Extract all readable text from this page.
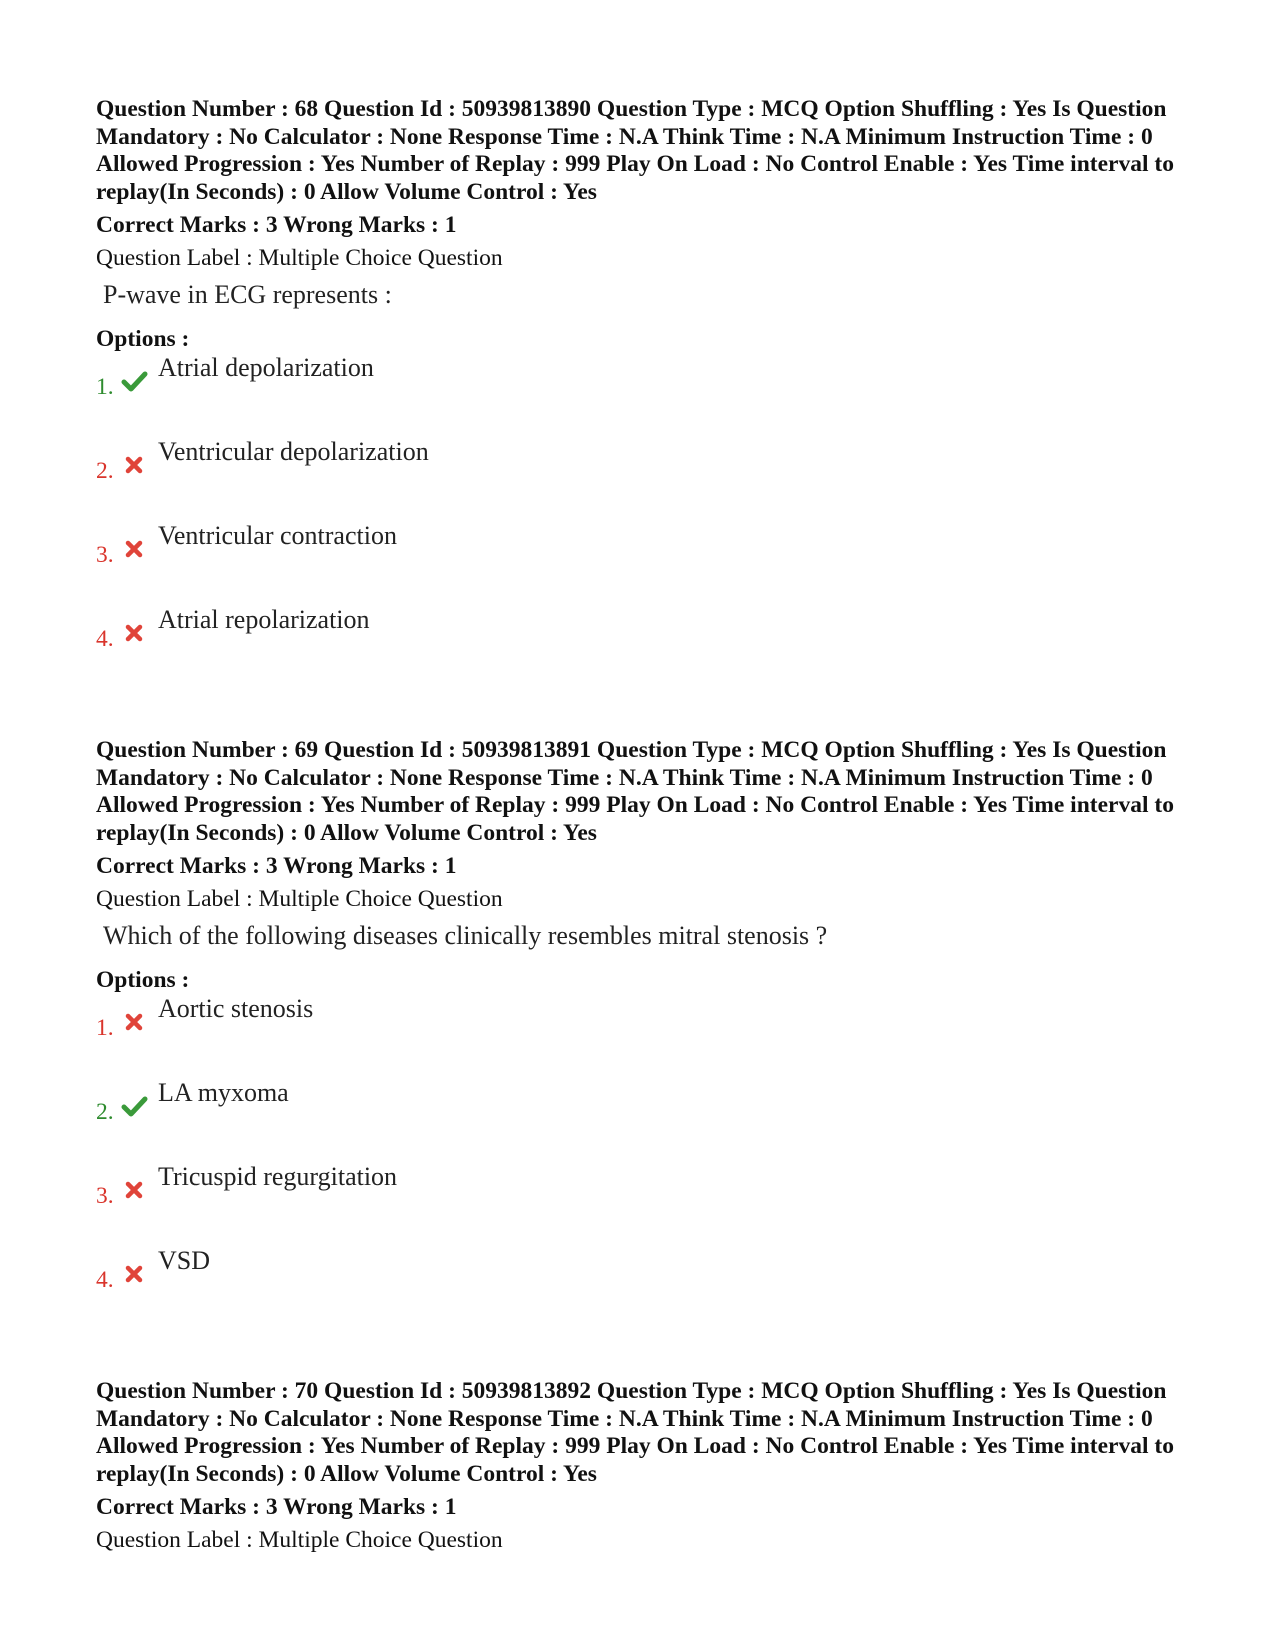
Question Number : 68 Question Id : 50939813890 Question Type : MCQ Option Shuffling : Yes Is Question Mandatory : No Calculator : None Response Time : N.A Think Time : N.A Minimum Instruction Time : 0 Allowed Progression : Yes Number of Replay : 999 Play On Load : No Control Enable : Yes Time interval to replay(In Seconds) : 0 Allow Volume Control : Yes
Correct Marks : 3 Wrong Marks : 1
Question Label : Multiple Choice Question
P-wave in ECG represents :
Options :
1.
Atrial depolarization
2.
Ventricular depolarization
3.
Ventricular contraction
4.
Atrial repolarization
Question Number : 69 Question Id : 50939813891 Question Type : MCQ Option Shuffling : Yes Is Question Mandatory : No Calculator : None Response Time : N.A Think Time : N.A Minimum Instruction Time : 0 Allowed Progression : Yes Number of Replay : 999 Play On Load : No Control Enable : Yes Time interval to replay(In Seconds) : 0 Allow Volume Control : Yes
Correct Marks : 3 Wrong Marks : 1
Question Label : Multiple Choice Question
Which of the following diseases clinically resembles mitral stenosis ?
Options :
1.
Aortic stenosis
2.
LA myxoma
3.
Tricuspid regurgitation
4.
VSD
Question Number : 70 Question Id : 50939813892 Question Type : MCQ Option Shuffling : Yes Is Question Mandatory : No Calculator : None Response Time : N.A Think Time : N.A Minimum Instruction Time : 0 Allowed Progression : Yes Number of Replay : 999 Play On Load : No Control Enable : Yes Time interval to replay(In Seconds) : 0 Allow Volume Control : Yes
Correct Marks : 3 Wrong Marks : 1
Question Label : Multiple Choice Question
